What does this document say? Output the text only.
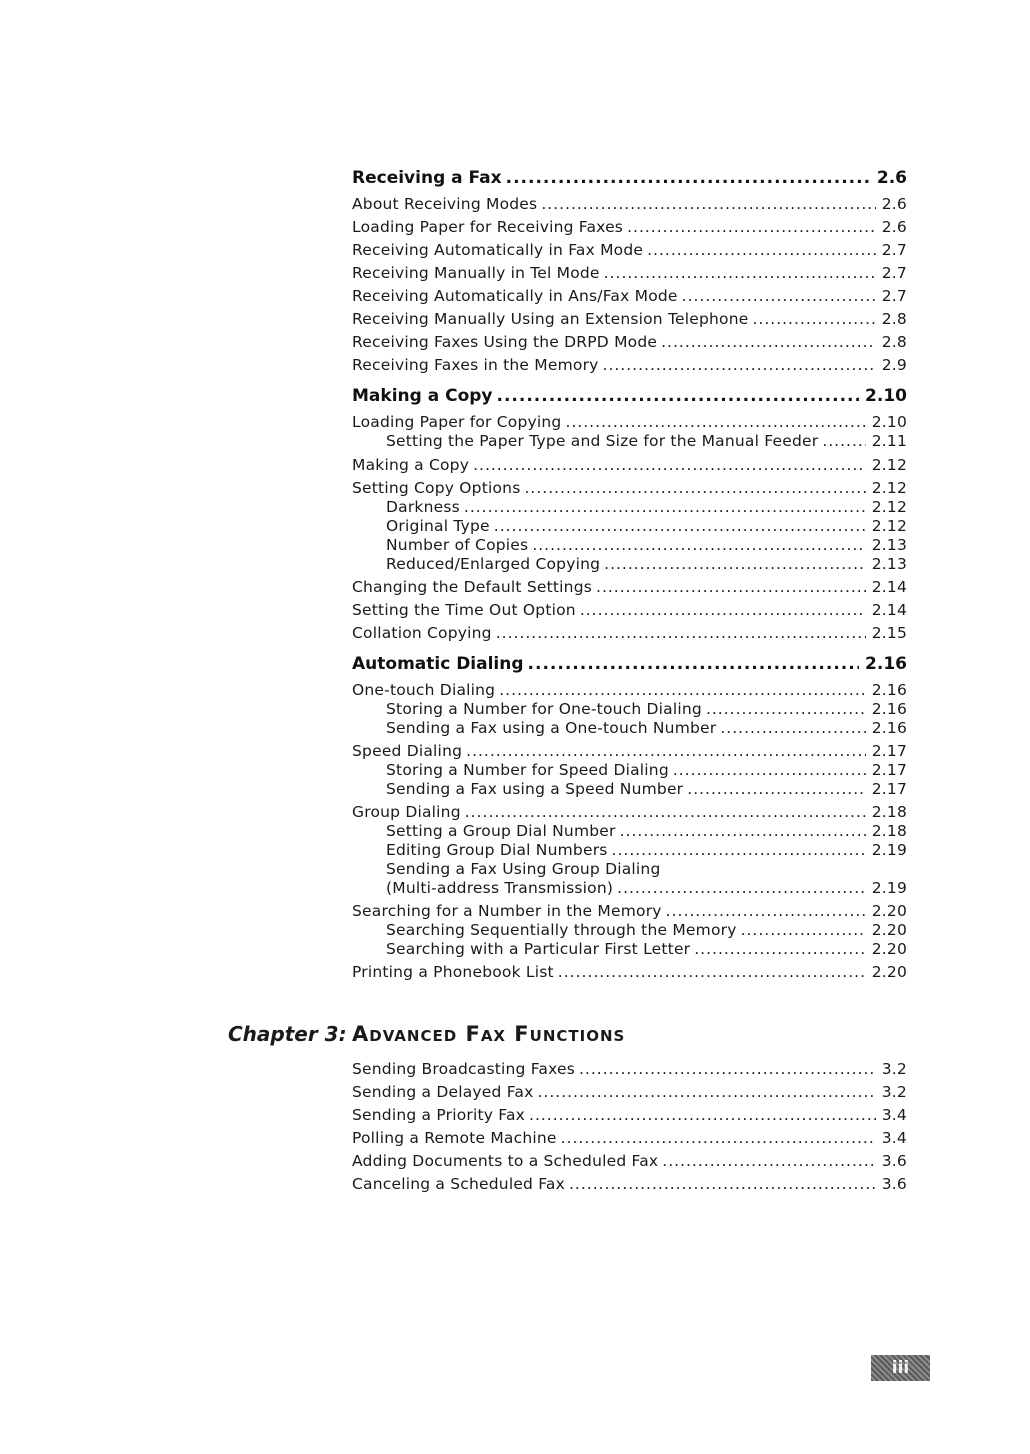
Receiving a Fax .....	2.6
About Receiving Modes .....	2.6
Loading Paper for Receiving Faxes .....	2.6
Receiving Automatically in Fax Mode .....	2.7
Receiving Manually in Tel Mode .....	2.7
Receiving Automatically in Ans/Fax Mode .....	2.7
Receiving Manually Using an Extension Telephone .....	2.8
Receiving Faxes Using the DRPD Mode .....	2.8
Receiving Faxes in the Memory .....	2.9
Making a Copy .....	2.10
Loading Paper for Copying .....	2.10
Setting the Paper Type and Size for the Manual Feeder .....	2.11
Making a Copy .....	2.12
Setting Copy Options .....	2.12
Darkness .....	2.12
Original Type .....	2.12
Number of Copies .....	2.13
Reduced/Enlarged Copying .....	2.13
Changing the Default Settings .....	2.14
Setting the Time Out Option .....	2.14
Collation Copying .....	2.15
Automatic Dialing .....	2.16
One-touch Dialing .....	2.16
Storing a Number for One-touch Dialing .....	2.16
Sending a Fax using a One-touch Number .....	2.16
Speed Dialing .....	2.17
Storing a Number for Speed Dialing .....	2.17
Sending a Fax using a Speed Number .....	2.17
Group Dialing .....	2.18
Setting a Group Dial Number .....	2.18
Editing Group Dial Numbers .....	2.19
Sending a Fax Using Group Dialing
(Multi-address Transmission) .....	2.19
Searching for a Number in the Memory .....	2.20
Searching Sequentially through the Memory .....	2.20
Searching with a Particular First Letter .....	2.20
Printing a Phonebook List .....	2.20
Sending Broadcasting Faxes .....	3.2
Sending a Delayed Fax .....	3.2
Sending a Priority Fax .....	3.4
Polling a Remote Machine .....	3.4
Adding Documents to a Scheduled Fax .....	3.6
Canceling a Scheduled Fax .....	3.6
Chapter 3: Advanced Fax Functions
iii
